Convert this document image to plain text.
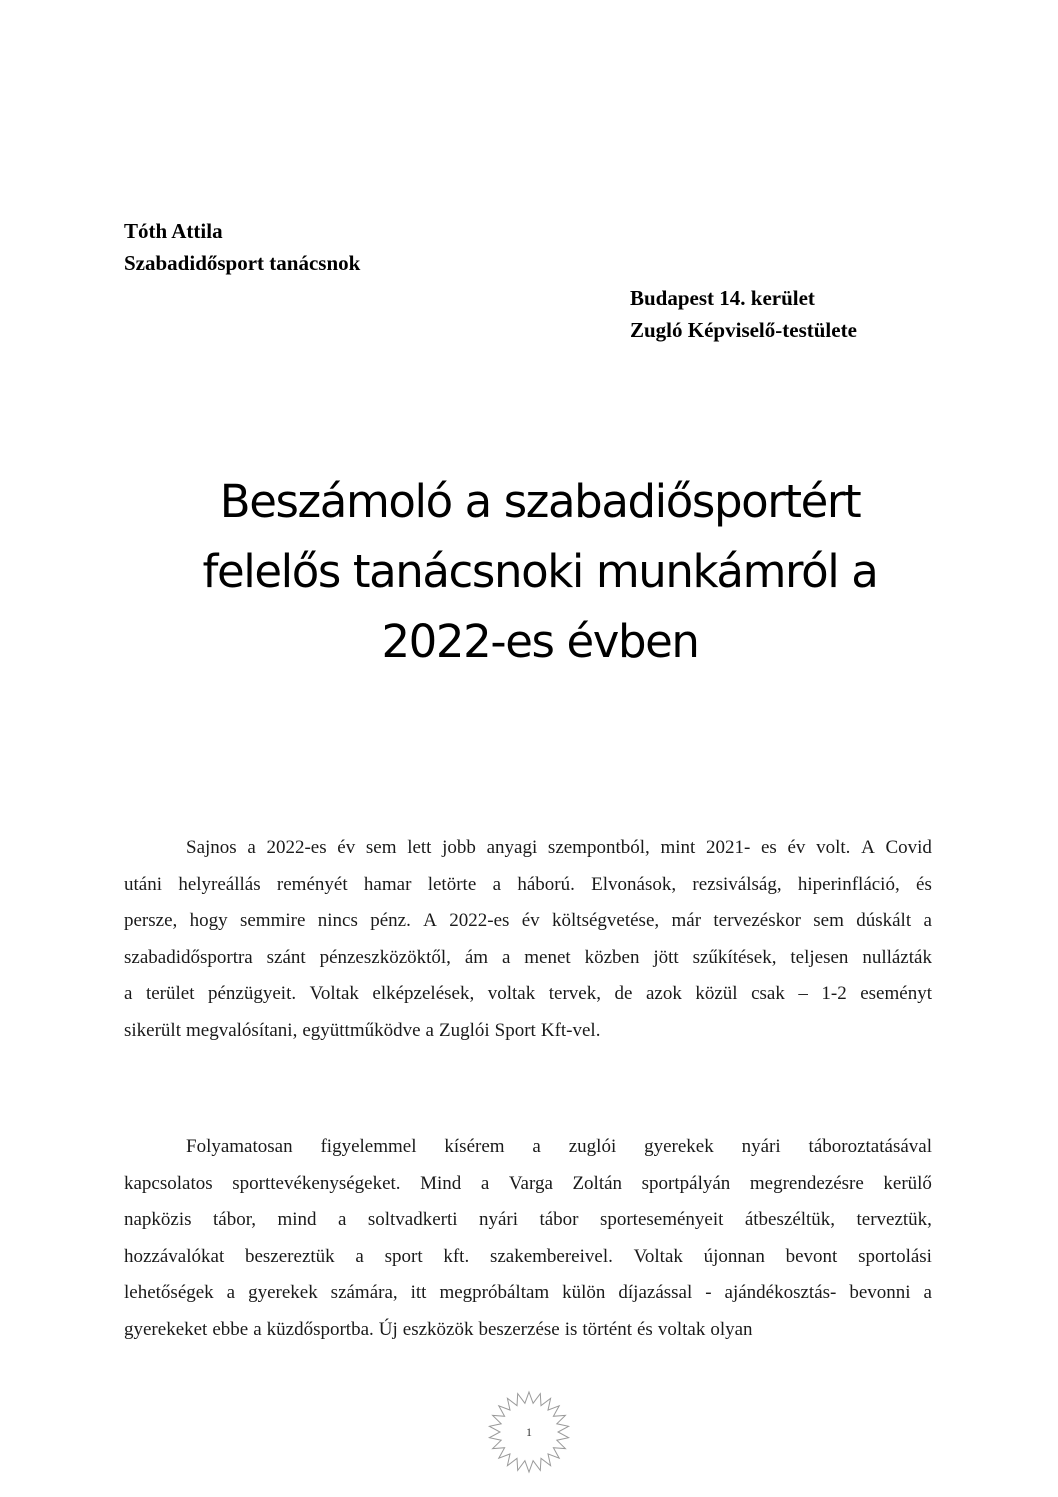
Tóth Attila
Szabadidősport tanácsnok
Budapest 14. kerület
Zugló Képviselő-testülete
Beszámoló a szabadiősportért
felelős tanácsnoki munkámról a
2022-es évben
Sajnos a 2022-es év sem lett jobb anyagi szempontból, mint 2021- es év volt. A Covid
utáni helyreállás reményét hamar letörte a háború. Elvonások, rezsiválság, hiperinfláció, és
persze, hogy semmire nincs pénz. A 2022-es év költségvetése, már tervezéskor sem dúskált a
szabadidősportra szánt pénzeszközöktől, ám a menet közben jött szűkítések, teljesen nullázták
a terület pénzügyeit. Voltak elképzelések, voltak tervek, de azok közül csak – 1-2 eseményt
sikerült megvalósítani, együttműködve a Zuglói Sport Kft-vel.
Folyamatosan figyelemmel kísérem a zuglói gyerekek nyári táboroztatásával
kapcsolatos sporttevékenységeket. Mind a Varga Zoltán sportpályán megrendezésre kerülő
napközis tábor, mind a soltvadkerti nyári tábor sporteseményeit átbeszéltük, terveztük,
hozzávalókat beszereztük a sport kft. szakembereivel. Voltak újonnan bevont sportolási
lehetőségek a gyerekek számára, itt megpróbáltam külön díjazással - ajándékosztás- bevonni a
gyerekeket ebbe a küzdősportba. Új eszközök beszerzése is történt és voltak olyan
1
